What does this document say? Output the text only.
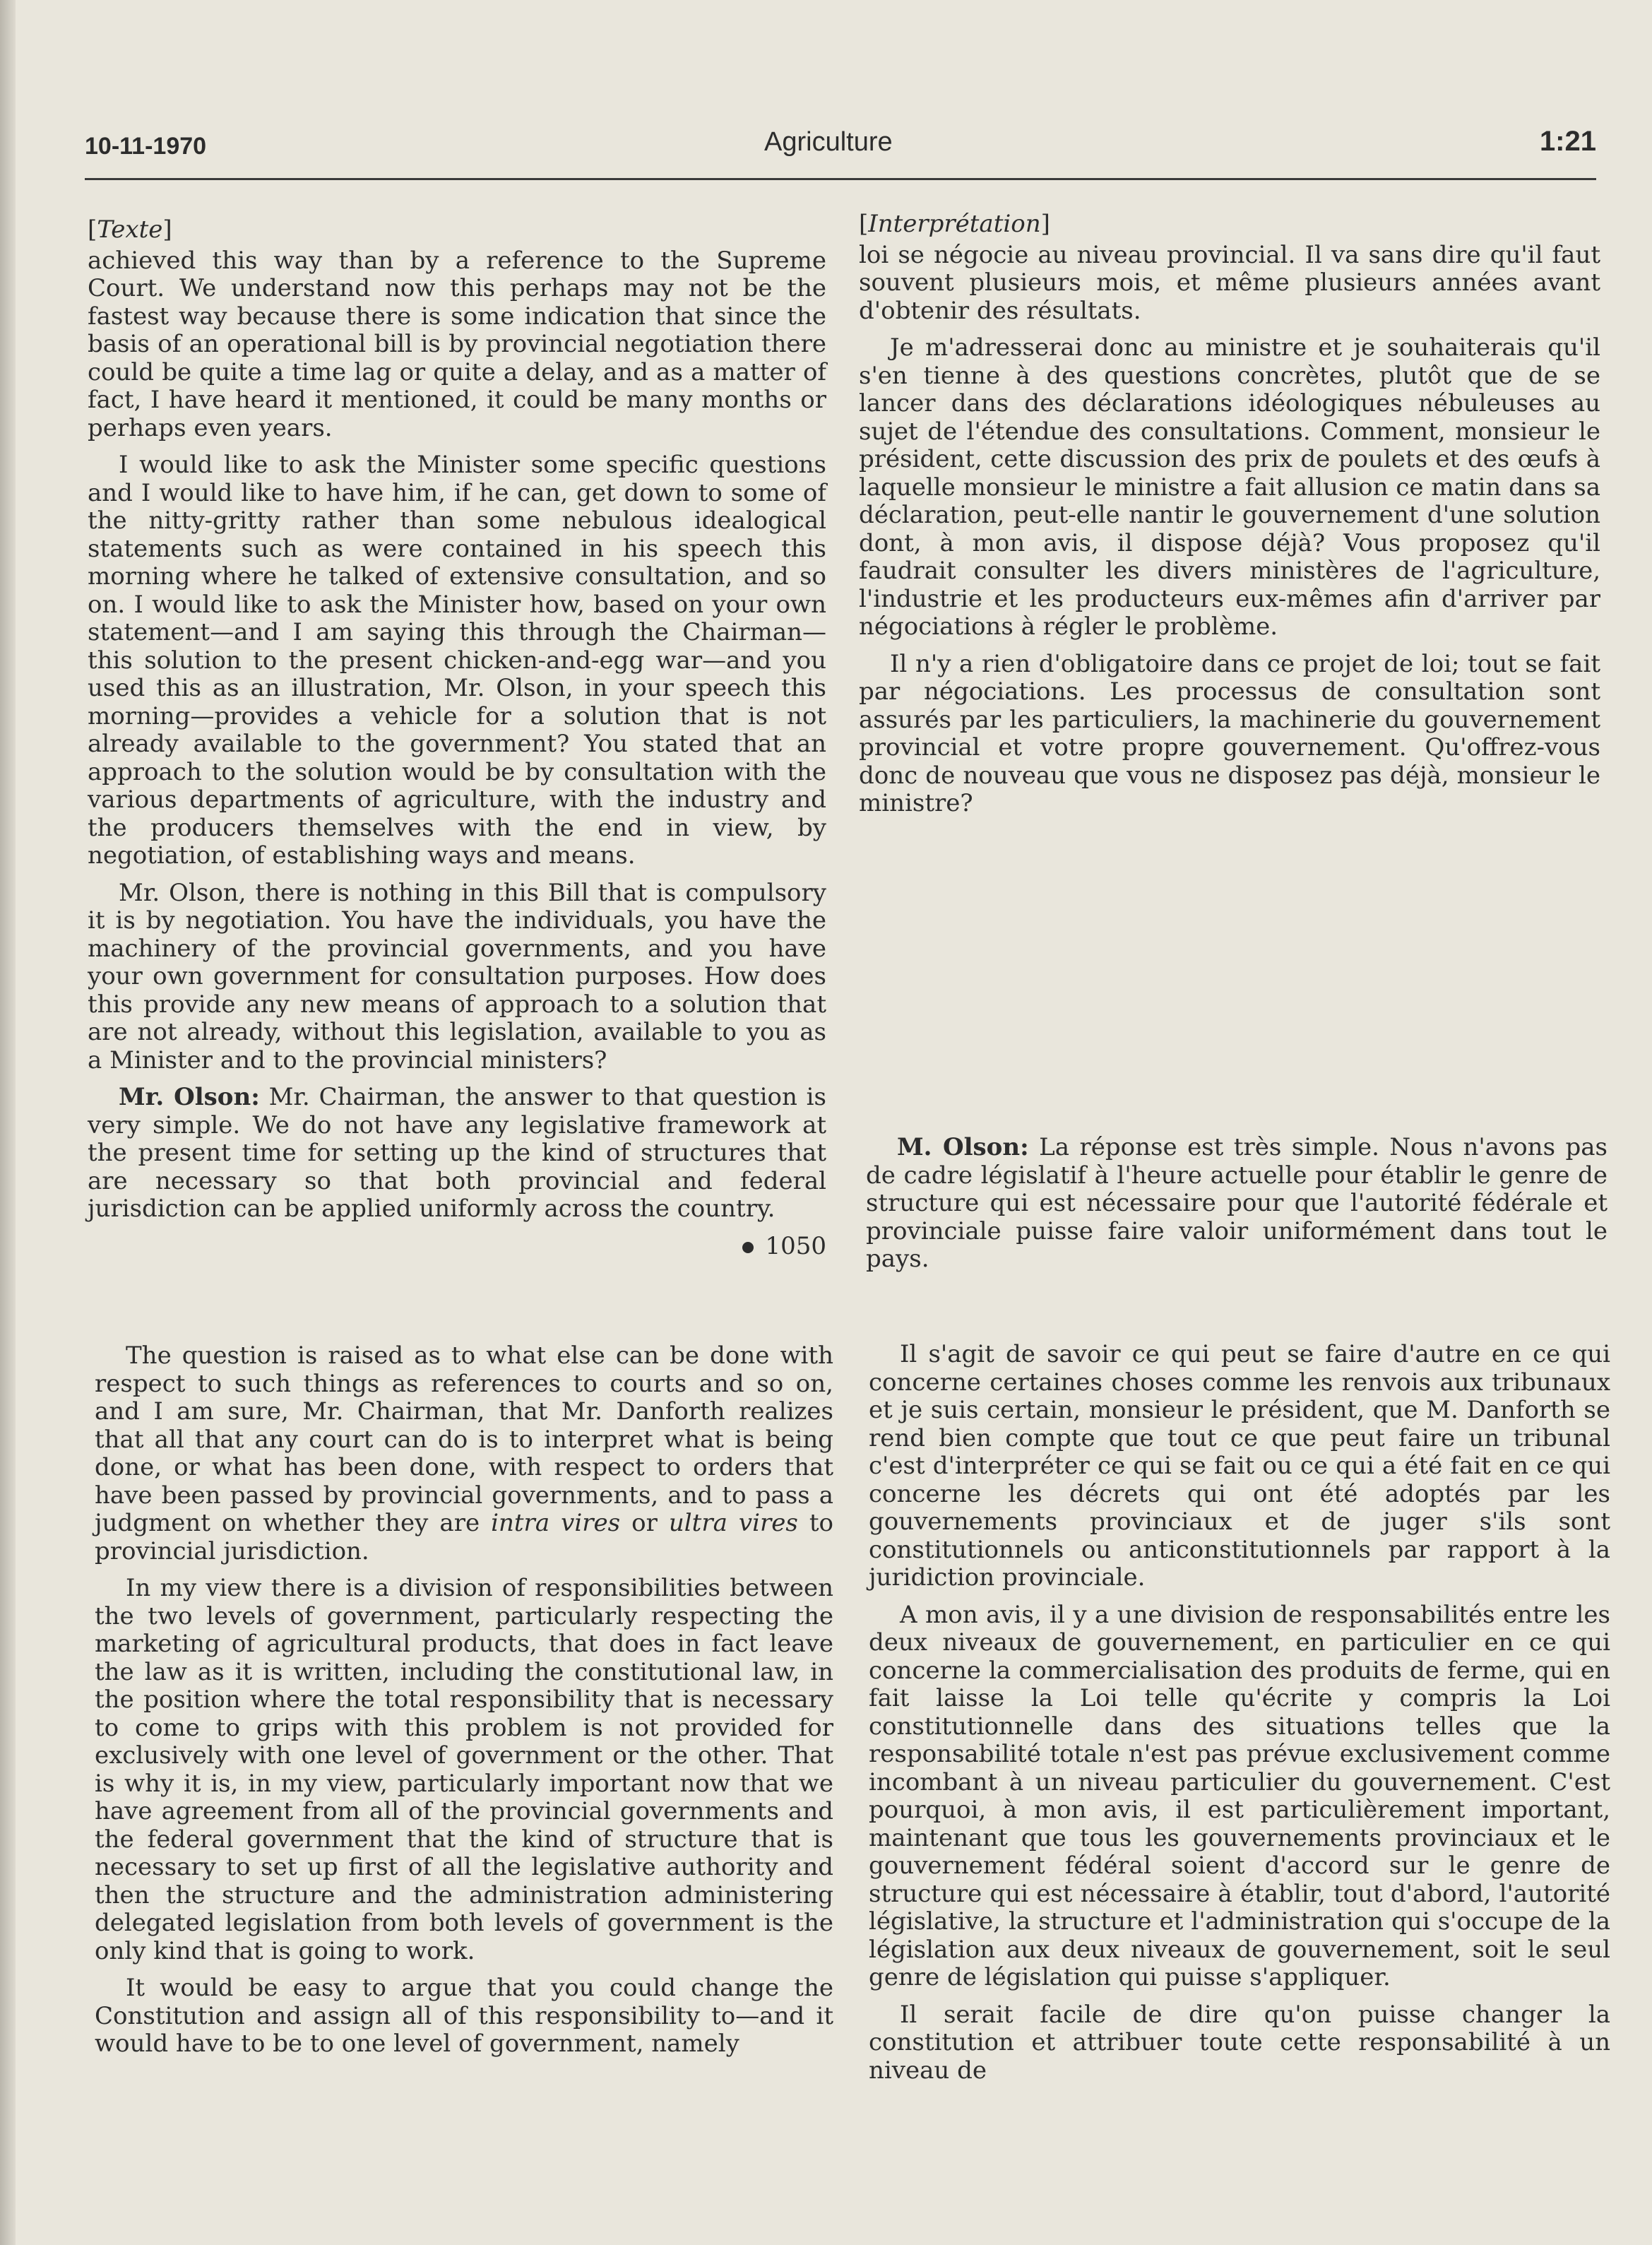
10-11-1970	Agriculture	1:21

[Texte]

achieved this way than by a reference to the Supreme Court. We understand now this perhaps may not be the fastest way because there is some indication that since the basis of an operational bill is by provincial negotiation there could be quite a time lag or quite a delay, and as a matter of fact, I have heard it mentioned, it could be many months or perhaps even years.

I would like to ask the Minister some specific questions and I would like to have him, if he can, get down to some of the nitty-gritty rather than some nebulous idealogical statements such as were contained in his speech this morning where he talked of extensive consultation, and so on. I would like to ask the Minister how, based on your own statement—and I am saying this through the Chairman—this solution to the present chicken-and-egg war—and you used this as an illustration, Mr. Olson, in your speech this morning—provides a vehicle for a solution that is not already available to the government? You stated that an approach to the solution would be by consultation with the various departments of agriculture, with the industry and the producers themselves with the end in view, by negotiation, of establishing ways and means.

Mr. Olson, there is nothing in this Bill that is compulsory it is by negotiation. You have the individuals, you have the machinery of the provincial governments, and you have your own government for consultation purposes. How does this provide any new means of approach to a solution that are not already, without this legislation, available to you as a Minister and to the provincial ministers?

Mr. Olson: Mr. Chairman, the answer to that question is very simple. We do not have any legislative framework at the present time for setting up the kind of structures that are necessary so that both provincial and federal jurisdiction can be applied uniformly across the country.

1050

The question is raised as to what else can be done with respect to such things as references to courts and so on, and I am sure, Mr. Chairman, that Mr. Danforth realizes that all that any court can do is to interpret what is being done, or what has been done, with respect to orders that have been passed by provincial governments, and to pass a judgment on whether they are intra vires or ultra vires to provincial jurisdiction.

In my view there is a division of responsibilities between the two levels of government, particularly respecting the marketing of agricultural products, that does in fact leave the law as it is written, including the constitutional law, in the position where the total responsibility that is necessary to come to grips with this problem is not provided for exclusively with one level of government or the other. That is why it is, in my view, particularly important now that we have agreement from all of the provincial governments and the federal government that the kind of structure that is necessary to set up first of all the legislative authority and then the structure and the administration administering delegated legislation from both levels of government is the only kind that is going to work.

It would be easy to argue that you could change the Constitution and assign all of this responsibility to—and it would have to be to one level of government, namely

[Interprétation]

loi se négocie au niveau provincial. Il va sans dire qu'il faut souvent plusieurs mois, et même plusieurs années avant d'obtenir des résultats.

Je m'adresserai donc au ministre et je souhaiterais qu'il s'en tienne à des questions concrètes, plutôt que de se lancer dans des déclarations idéologiques nébuleuses au sujet de l'étendue des consultations. Comment, monsieur le président, cette discussion des prix de poulets et des œufs à laquelle monsieur le ministre a fait allusion ce matin dans sa déclaration, peut-elle nantir le gouvernement d'une solution dont, à mon avis, il dispose déjà? Vous proposez qu'il faudrait consulter les divers ministères de l'agriculture, l'industrie et les producteurs eux-mêmes afin d'arriver par négociations à régler le problème.

Il n'y a rien d'obligatoire dans ce projet de loi; tout se fait par négociations. Les processus de consultation sont assurés par les particuliers, la machinerie du gouvernement provincial et votre propre gouvernement. Qu'offrez-vous donc de nouveau que vous ne disposez pas déjà, monsieur le ministre?

M. Olson: La réponse est très simple. Nous n'avons pas de cadre législatif à l'heure actuelle pour établir le genre de structure qui est nécessaire pour que l'autorité fédérale et provinciale puisse faire valoir uniformément dans tout le pays.

Il s'agit de savoir ce qui peut se faire d'autre en ce qui concerne certaines choses comme les renvois aux tribunaux et je suis certain, monsieur le président, que M. Danforth se rend bien compte que tout ce que peut faire un tribunal c'est d'interpréter ce qui se fait ou ce qui a été fait en ce qui concerne les décrets qui ont été adoptés par les gouvernements provinciaux et de juger s'ils sont constitutionnels ou anticonstitutionnels par rapport à la juridiction provinciale.

A mon avis, il y a une division de responsabilités entre les deux niveaux de gouvernement, en particulier en ce qui concerne la commercialisation des produits de ferme, qui en fait laisse la Loi telle qu'écrite y compris la Loi constitutionnelle dans des situations telles que la responsabilité totale n'est pas prévue exclusivement comme incombant à un niveau particulier du gouvernement. C'est pourquoi, à mon avis, il est particulièrement important, maintenant que tous les gouvernements provinciaux et le gouvernement fédéral soient d'accord sur le genre de structure qui est nécessaire à établir, tout d'abord, l'autorité législative, la structure et l'administration qui s'occupe de la législation aux deux niveaux de gouvernement, soit le seul genre de législation qui puisse s'appliquer.

Il serait facile de dire qu'on puisse changer la constitution et attribuer toute cette responsabilité à un niveau de
